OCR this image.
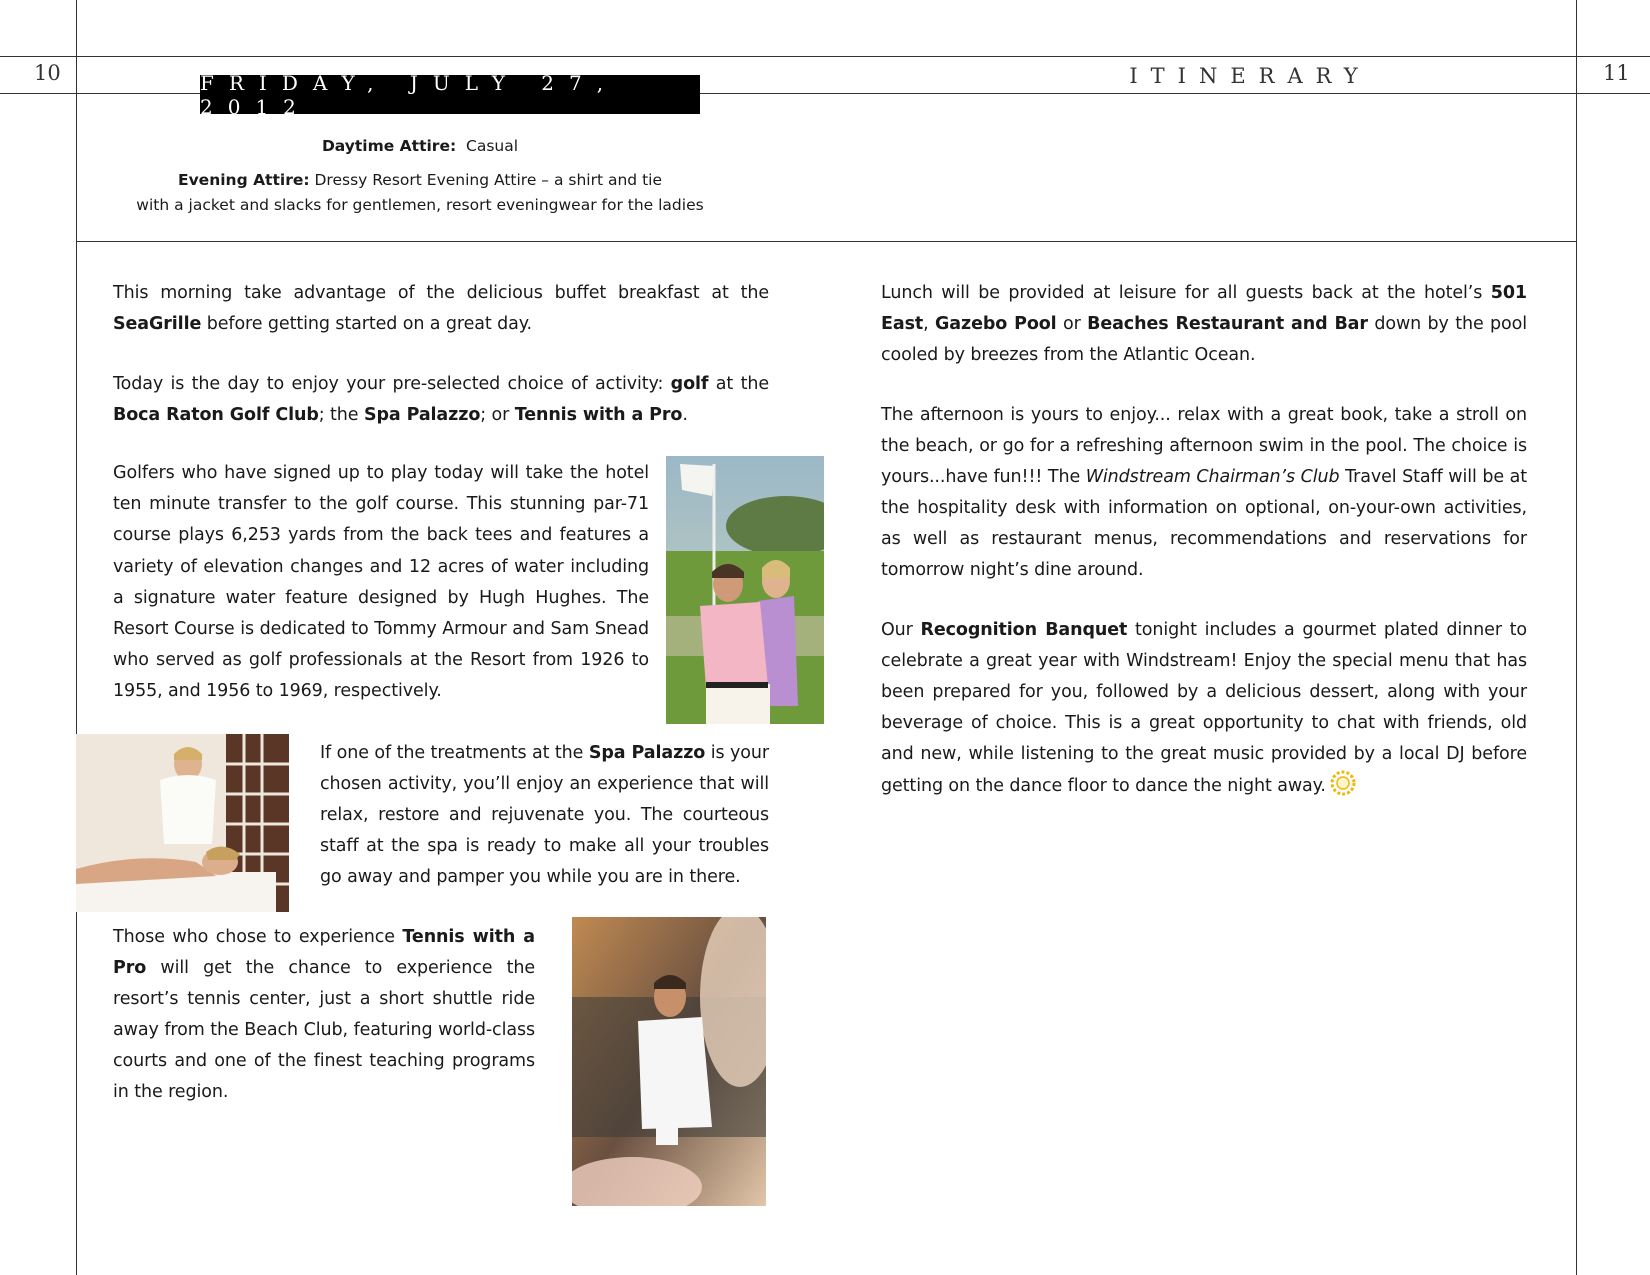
10	11
FRIDAY, JULY 27, 2012
ITINERARY
Daytime Attire: Casual
Evening Attire: Dressy Resort Evening Attire – a shirt and tie
with a jacket and slacks for gentlemen, resort eveningwear for the ladies
This morning take advantage of the delicious buffet breakfast at the SeaGrille before getting started on a great day.
Today is the day to enjoy your pre-selected choice of activity: golf at the Boca Raton Golf Club; the Spa Palazzo; or Tennis with a Pro.
Golfers who have signed up to play today will take the hotel ten minute transfer to the golf course. This stunning par-71 course plays 6,253 yards from the back tees and features a variety of elevation changes and 12 acres of water including a signature water feature designed by Hugh Hughes. The Resort Course is dedicated to Tommy Armour and Sam Snead who served as golf professionals at the Resort from 1926 to 1955, and 1956 to 1969, respectively.
If one of the treatments at the Spa Palazzo is your chosen activity, you’ll enjoy an experience that will relax, restore and rejuvenate you. The courteous staff at the spa is ready to make all your troubles go away and pamper you while you are in there.
Those who chose to experience Tennis with a Pro will get the chance to experience the resort’s tennis center, just a short shuttle ride away from the Beach Club, featuring world-class courts and one of the finest teaching programs in the region.
Lunch will be provided at leisure for all guests back at the hotel’s 501 East, Gazebo Pool or Beaches Restaurant and Bar down by the pool cooled by breezes from the Atlantic Ocean.
The afternoon is yours to enjoy... relax with a great book, take a stroll on the beach, or go for a refreshing afternoon swim in the pool. The choice is yours...have fun!!! The Windstream Chairman’s Club Travel Staff will be at the hospitality desk with information on optional, on-your-own activities, as well as restaurant menus, recommendations and reservations for tomorrow night’s dine around.
Our Recognition Banquet tonight includes a gourmet plated dinner to celebrate a great year with Windstream! Enjoy the special menu that has been prepared for you, followed by a delicious dessert, along with your beverage of choice. This is a great opportunity to chat with friends, old and new, while listening to the great music provided by a local DJ before getting on the dance floor to dance the night away.
